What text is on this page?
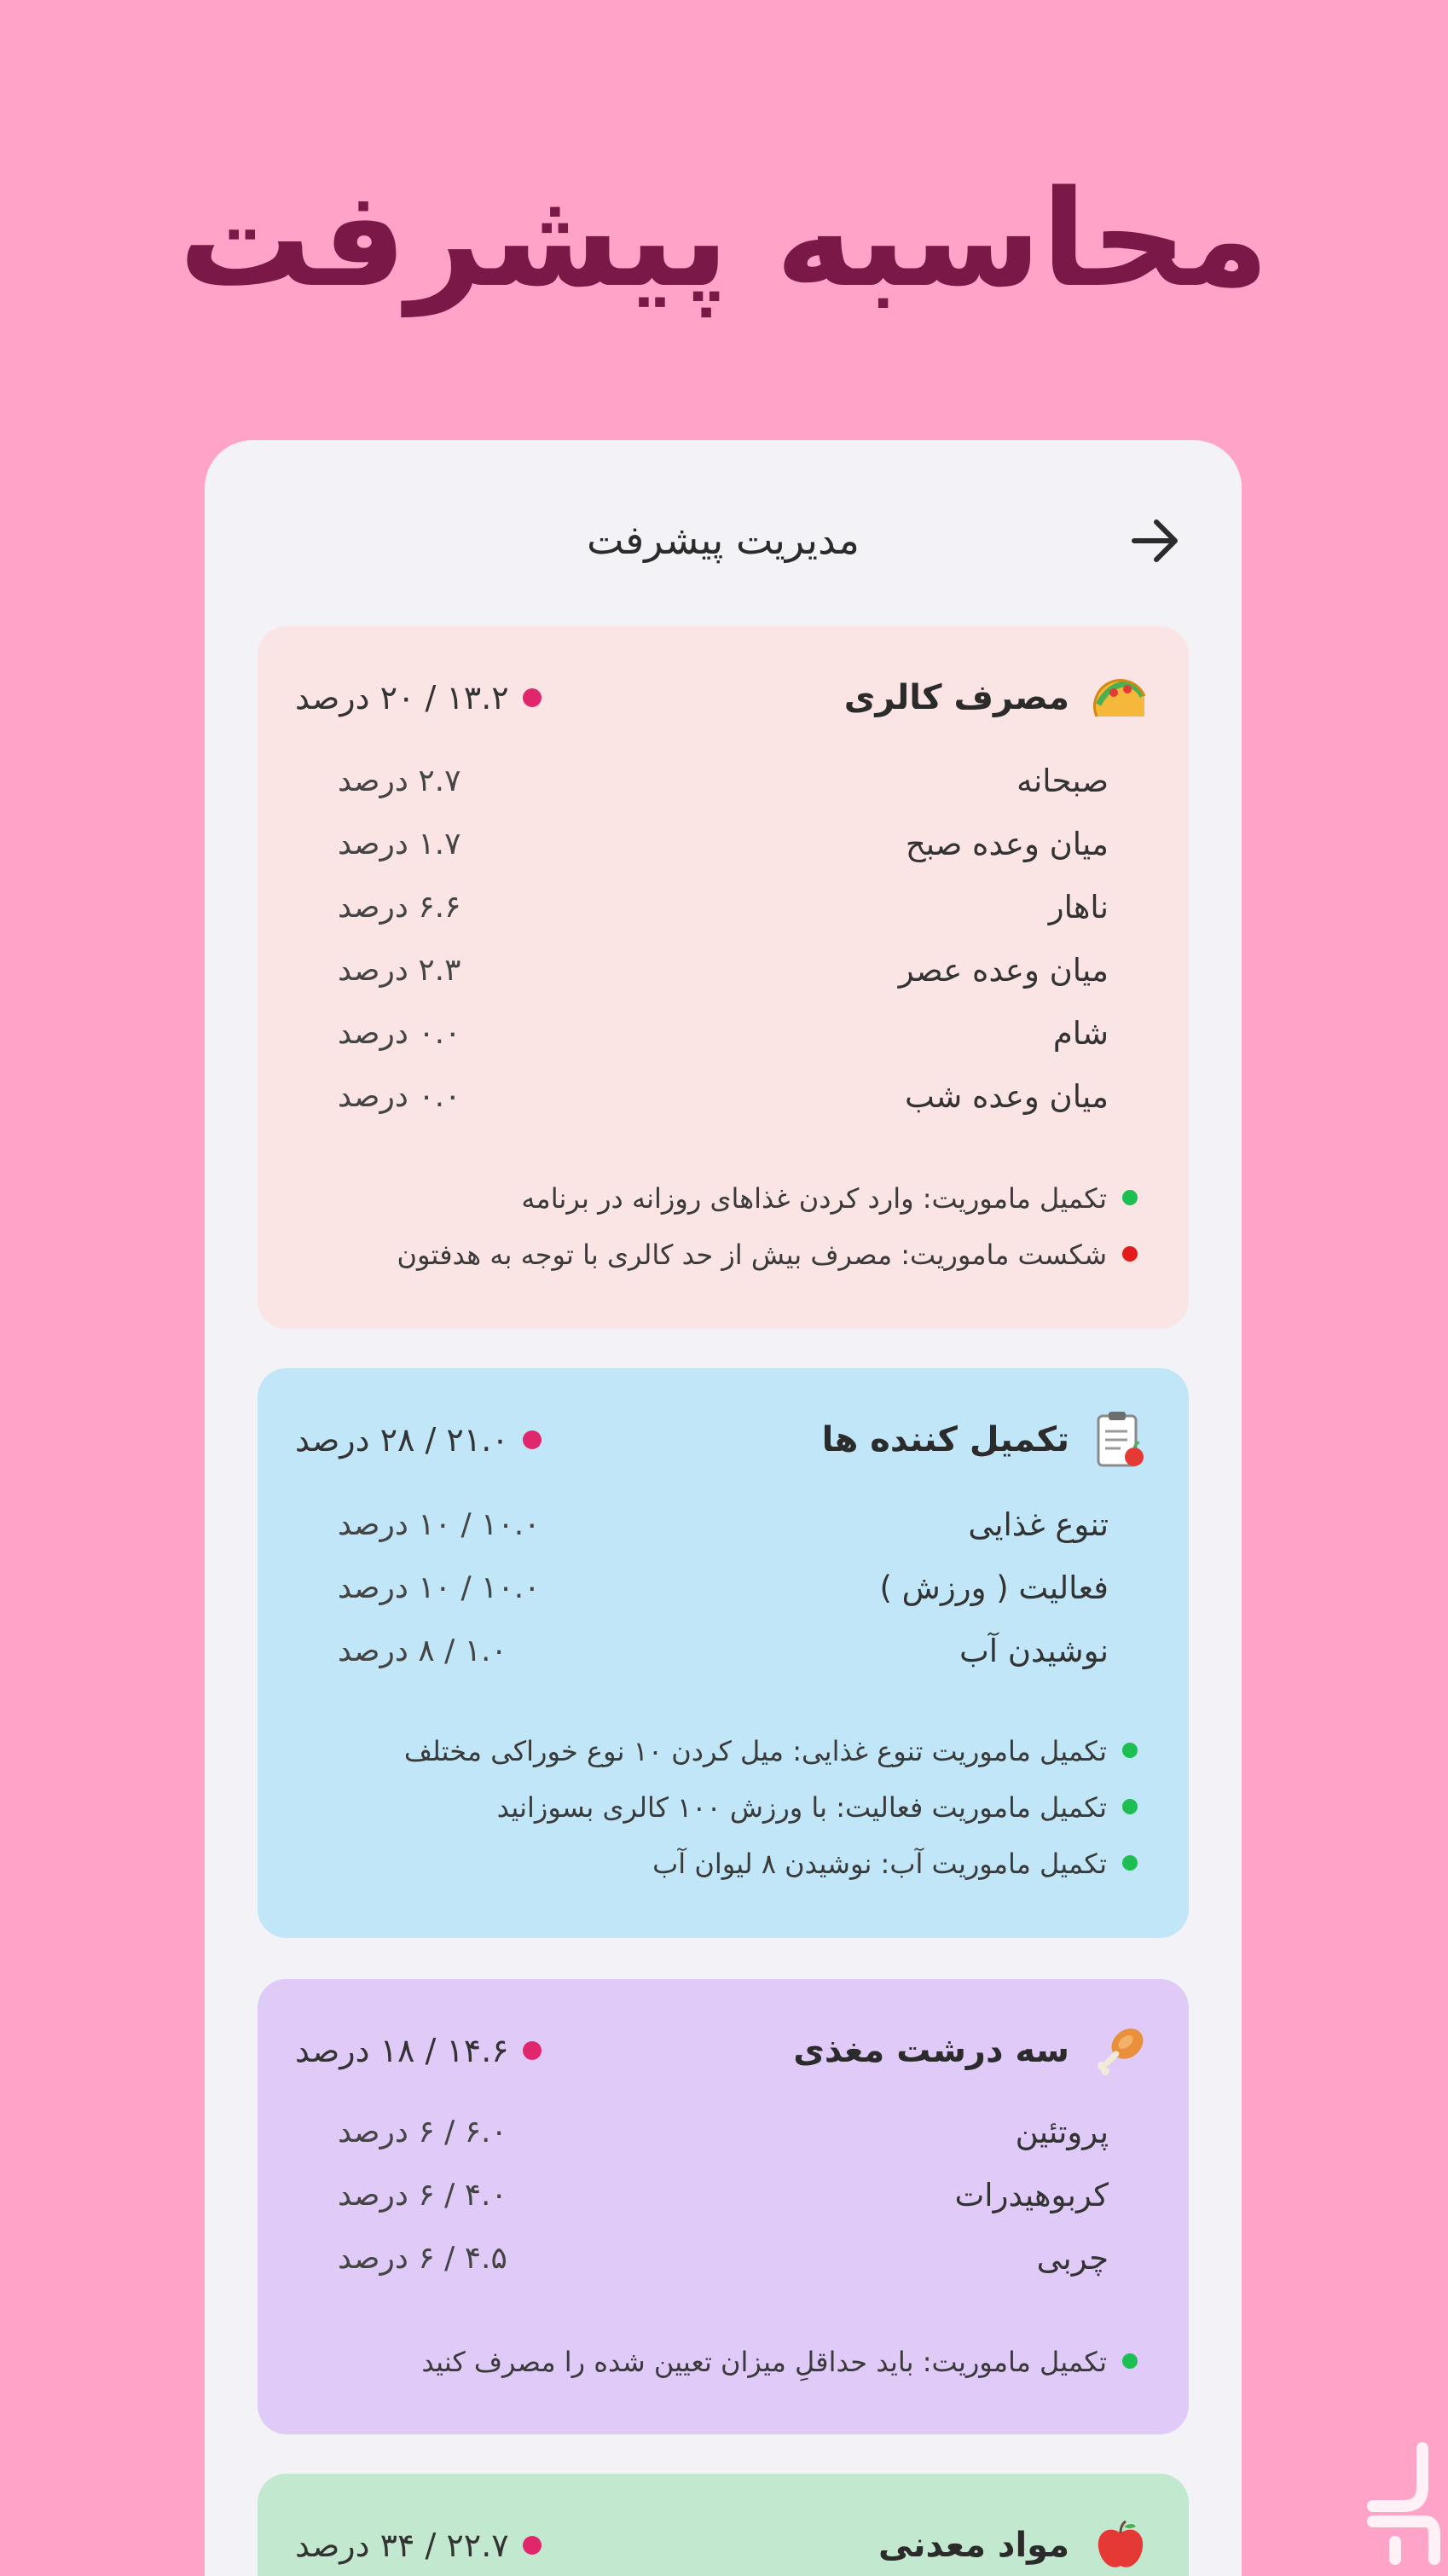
محاسبه پیشرفت
مدیریت پیشرفت
مصرف کالری
۱۳.۲ / ۲۰ درصد
صبحانه
۲.۷ درصد
میان وعده صبح
۱.۷ درصد
ناهار
۶.۶ درصد
میان وعده عصر
۲.۳ درصد
شام
۰.۰ درصد
میان وعده شب
۰.۰ درصد
تکمیل ماموریت: وارد کردن غذاهای روزانه در برنامه
شکست ماموریت: مصرف بیش از حد کالری با توجه به هدفتون
تکمیل کننده ها
۲۱.۰ / ۲۸ درصد
تنوع غذایی
۱۰.۰ / ۱۰ درصد
فعالیت ( ورزش )
۱۰.۰ / ۱۰ درصد
نوشیدن آب
۱.۰ / ۸ درصد
تکمیل ماموریت تنوع غذایی: میل کردن ۱۰ نوع خوراکی مختلف
تکمیل ماموریت فعالیت: با ورزش ۱۰۰ کالری بسوزانید
تکمیل ماموریت آب: نوشیدن ۸ لیوان آب
سه درشت مغذی
۱۴.۶ / ۱۸ درصد
پروتئین
۶.۰ / ۶ درصد
کربوهیدرات
۴.۰ / ۶ درصد
چربی
۴.۵ / ۶ درصد
تکمیل ماموریت: باید حداقلِ میزان تعیین شده را مصرف کنید
مواد معدنی
۲۲.۷ / ۳۴ درصد
